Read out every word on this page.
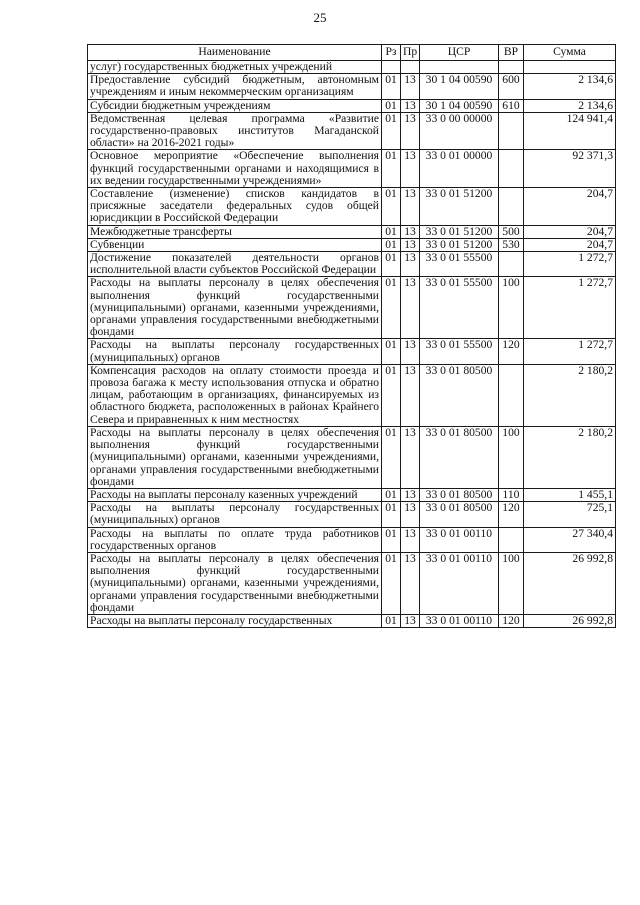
25
Наименование	Рз	Пр	ЦСР	ВР	Сумма
услуг) государственных бюджетных учреждений					
Предоставление субсидий бюджетным, автономным учреждениям и иным некоммерческим организациям	01	13	30 1 04 00590	600	2 134,6
Субсидии бюджетным учреждениям	01	13	30 1 04 00590	610	2 134,6
Ведомственная целевая программа «Развитие государственно-правовых институтов Магаданской области» на 2016-2021 годы»	01	13	33 0 00 00000		124 941,4
Основное мероприятие «Обеспечение выполнения функций государственными органами и находящимися в их ведении государственными учреждениями»	01	13	33 0 01 00000		92 371,3
Составление (изменение) списков кандидатов в присяжные заседатели федеральных судов общей юрисдикции в Российской Федерации	01	13	33 0 01 51200		204,7
Межбюджетные трансферты	01	13	33 0 01 51200	500	204,7
Субвенции	01	13	33 0 01 51200	530	204,7
Достижение показателей деятельности органов исполнительной власти субъектов Российской Федерации	01	13	33 0 01 55500		1 272,7
Расходы на выплаты персоналу в целях обеспечения выполнения функций государственными (муниципальными) органами, казенными учреждениями, органами управления государственными внебюджетными фондами	01	13	33 0 01 55500	100	1 272,7
Расходы на выплаты персоналу государственных (муниципальных) органов	01	13	33 0 01 55500	120	1 272,7
Компенсация расходов на оплату стоимости проезда и провоза багажа к месту использования отпуска и обратно лицам, работающим в организациях, финансируемых из областного бюджета, расположенных в районах Крайнего Севера и приравненных к ним местностях	01	13	33 0 01 80500		2 180,2
Расходы на выплаты персоналу в целях обеспечения выполнения функций государственными (муниципальными) органами, казенными учреждениями, органами управления государственными внебюджетными фондами	01	13	33 0 01 80500	100	2 180,2
Расходы на выплаты персоналу казенных учреждений	01	13	33 0 01 80500	110	1 455,1
Расходы на выплаты персоналу государственных (муниципальных) органов	01	13	33 0 01 80500	120	725,1
Расходы на выплаты по оплате труда работников государственных органов	01	13	33 0 01 00110		27 340,4
Расходы на выплаты персоналу в целях обеспечения выполнения функций государственными (муниципальными) органами, казенными учреждениями, органами управления государственными внебюджетными фондами	01	13	33 0 01 00110	100	26 992,8
Расходы на выплаты персоналу государственных	01	13	33 0 01 00110	120	26 992,8
